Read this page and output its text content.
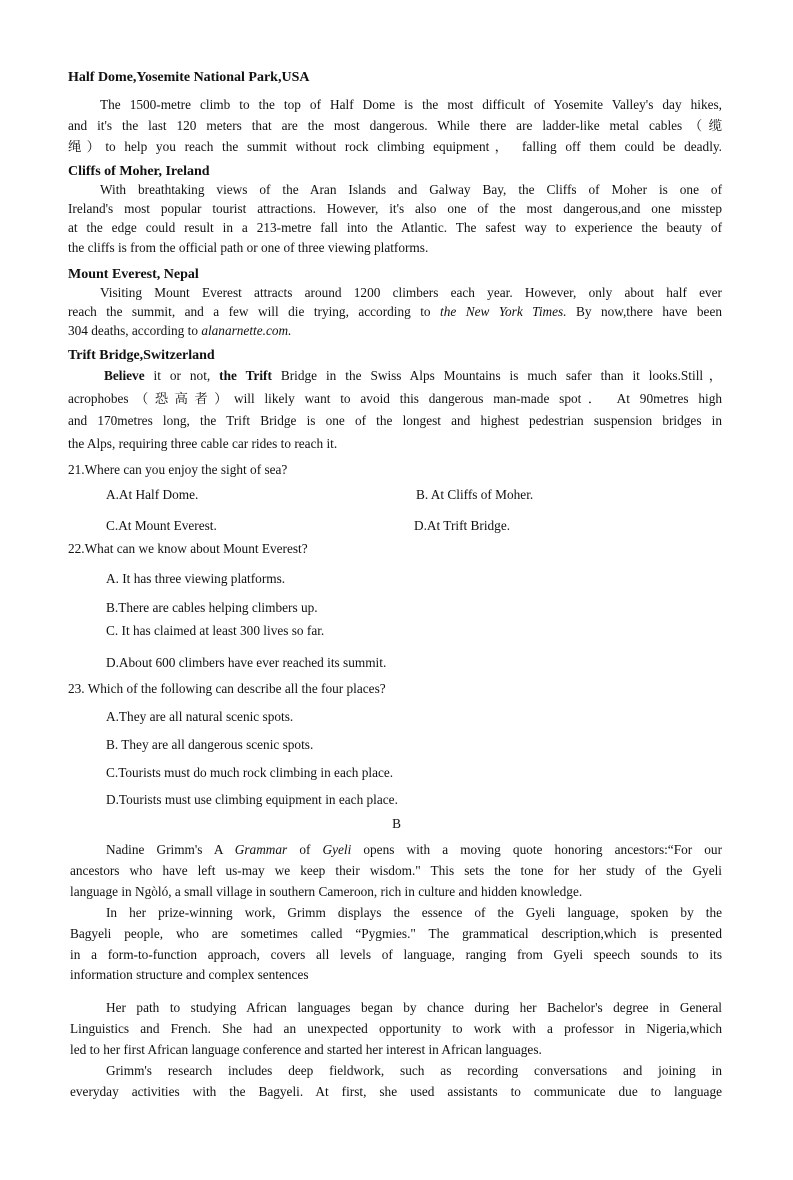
Half Dome,Yosemite National Park,USA
The 1500-metre climb to the top of Half Dome is the most difficult of Yosemite Valley's day hikes,
and it's the last 120 meters that are the most dangerous. While there are ladder-like metal cables（缆
绳）to help you reach the summit without rock climbing equipment， falling off them could be deadly.
Cliffs of Moher, Ireland
With breathtaking views of the Aran Islands and Galway Bay, the Cliffs of Moher is one of
Ireland's most popular tourist attractions. However, it's also one of the most dangerous,and one misstep
at the edge could result in a 213-metre fall into the Atlantic. The safest way to experience the beauty of
the cliffs is from the official path or one of three viewing platforms.
Mount Everest, Nepal
Visiting Mount Everest attracts around 1200 climbers each year. However, only about half ever
reach the summit, and a few will die trying, according to the New York Times. By now,there have been
304 deaths, according to alanarnette.com.
Trift Bridge,Switzerland
Believe it or not, the Trift Bridge in the Swiss Alps Mountains is much safer than it looks.Still，
acrophobes（恐高者）will likely want to avoid this dangerous man-made spot． At 90metres high
and 170metres long, the Trift Bridge is one of the longest and highest pedestrian suspension bridges in
the Alps, requiring three cable car rides to reach it.
21.Where can you enjoy the sight of sea?
A.At Half Dome.	B. At Cliffs of Moher.
C.At Mount Everest.	D.At Trift Bridge.
22.What can we know about Mount Everest?
A. It has three viewing platforms.
B.There are cables helping climbers up.
C. It has claimed at least 300 lives so far.
D.About 600 climbers have ever reached its summit.
23. Which of the following can describe all the four places?
A.They are all natural scenic spots.
B. They are all dangerous scenic spots.
C.Tourists must do much rock climbing in each place.
D.Tourists must use climbing equipment in each place.
B
Nadine Grimm's A Grammar of Gyeli opens with a moving quote honoring ancestors:“For our
ancestors who have left us-may we keep their wisdom." This sets the tone for her study of the Gyeli
language in Ngòló, a small village in southern Cameroon, rich in culture and hidden knowledge.
In her prize-winning work, Grimm displays the essence of the Gyeli language, spoken by the
Bagyeli people, who are sometimes called “Pygmies." The grammatical description,which is presented
in a form-to-function approach, covers all levels of language, ranging from Gyeli speech sounds to its
information structure and complex sentences
Her path to studying African languages began by chance during her Bachelor's degree in General
Linguistics and French. She had an unexpected opportunity to work with a professor in Nigeria,which
led to her first African language conference and started her interest in African languages.
Grimm's research includes deep fieldwork, such as recording conversations and joining in
everyday activities with the Bagyeli. At first, she used assistants to communicate due to language
